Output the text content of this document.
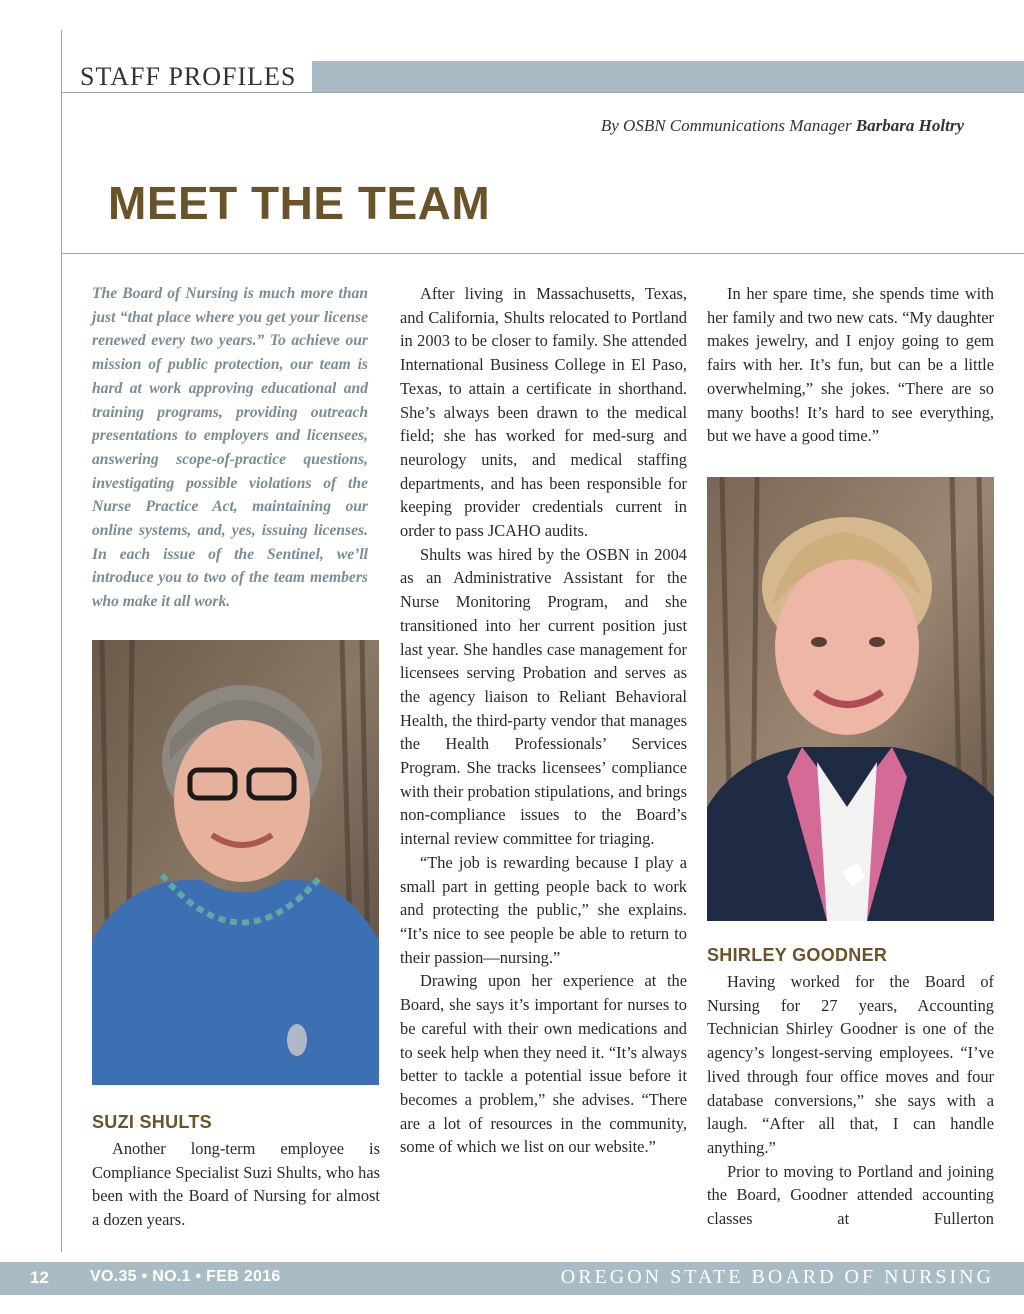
STAFF PROFILES
By OSBN Communications Manager Barbara Holtry
MEET THE TEAM
The Board of Nursing is much more than just “that place where you get your license renewed every two years.” To achieve our mission of public protection, our team is hard at work approving educational and training programs, providing outreach presentations to employers and licensees, answering scope-of-practice questions, investigating possible violations of the Nurse Practice Act, maintaining our online systems, and, yes, issuing licenses. In each issue of the Sentinel, we’ll introduce you to two of the team members who make it all work.
SUZI SHULTS

Another long-term employee is Compliance Specialist Suzi Shults, who has been with the Board of Nursing for almost a dozen years.

After living in Massachusetts, Texas, and California, Shults relocated to Portland in 2003 to be closer to family. She attended International Business College in El Paso, Texas, to attain a certificate in shorthand. She’s always been drawn to the medical field; she has worked for med-surg and neurology units, and medical staffing departments, and has been responsible for keeping provider credentials current in order to pass JCAHO audits.

Shults was hired by the OSBN in 2004 as an Administrative Assistant for the Nurse Monitoring Program, and she transitioned into her current position just last year. She handles case management for licensees serving Probation and serves as the agency liaison to Reliant Behavioral Health, the third-party vendor that manages the Health Professionals’ Services Program. She tracks licensees’ compliance with their probation stipulations, and brings non-compliance issues to the Board’s internal review committee for triaging.

“The job is rewarding because I play a small part in getting people back to work and protecting the public,” she explains. “It’s nice to see people be able to return to their passion—nursing.”

Drawing upon her experience at the Board, she says it’s important for nurses to be careful with their own medications and to seek help when they need it. “It’s always better to tackle a potential issue before it becomes a problem,” she advises. “There are a lot of resources in the community, some of which we list on our website.”

In her spare time, she spends time with her family and two new cats. “My daughter makes jewelry, and I enjoy going to gem fairs with her. It’s fun, but can be a little overwhelming,” she jokes. “There are so many booths! It’s hard to see everything, but we have a good time.”

SHIRLEY GOODNER

Having worked for the Board of Nursing for 27 years, Accounting Technician Shirley Goodner is one of the agency’s longest-serving employees. “I’ve lived through four office moves and four database conversions,” she says with a laugh. “After all that, I can handle anything.”

Prior to moving to Portland and joining the Board, Goodner attended accounting classes at Fullerton

12	VO.35 • NO.1 • FEB 2016	OREGON STATE BOARD OF NURSING
